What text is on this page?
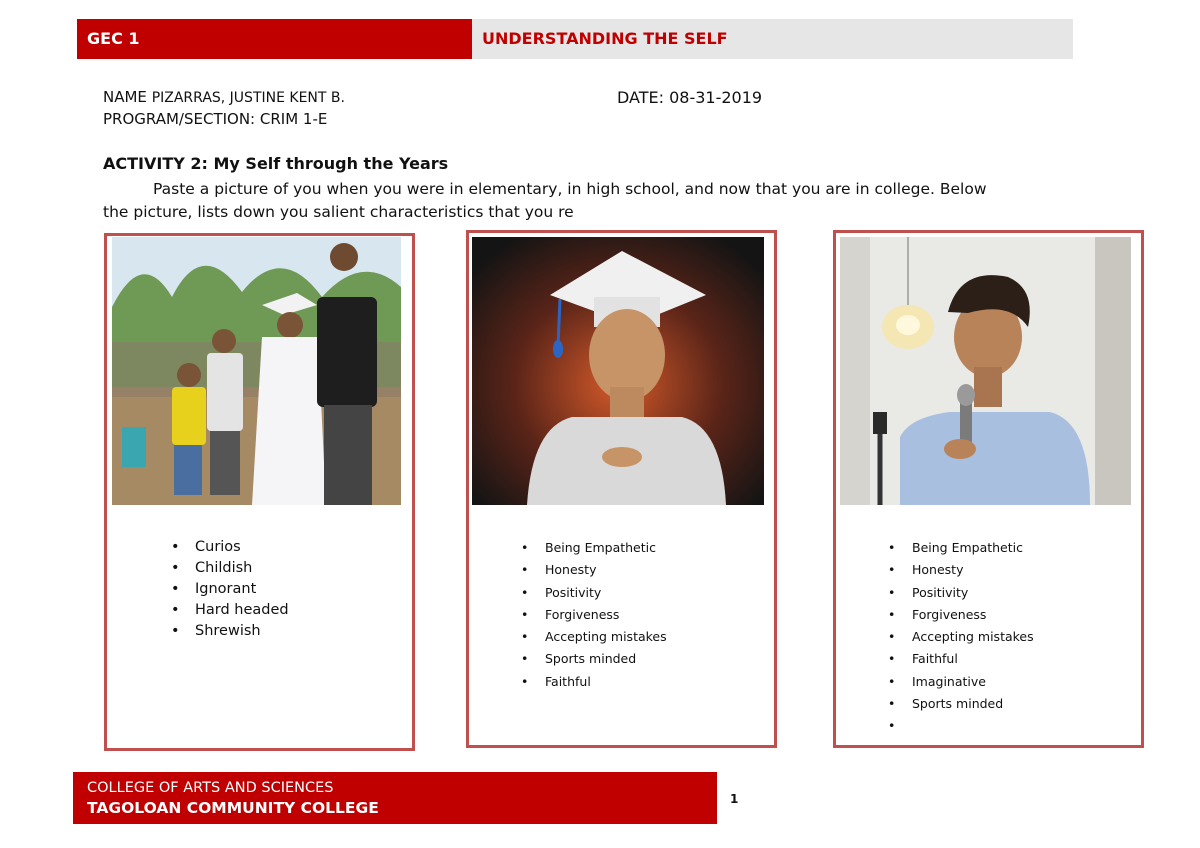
GEC 1	UNDERSTANDING THE SELF
NAME PIZARRAS, JUSTINE KENT B.	DATE: 08-31-2019
PROGRAM/SECTION: CRIM 1-E
ACTIVITY 2: My Self through the Years
Paste a picture of you when you were in elementary, in high school, and now that you are in college. Below
the picture, lists down you salient characteristics that you re
• Curios
• Childish
• Ignorant
• Hard headed
• Shrewish
• Being Empathetic
• Honesty
• Positivity
• Forgiveness
• Accepting mistakes
• Sports minded
• Faithful
• Being Empathetic
• Honesty
• Positivity
• Forgiveness
• Accepting mistakes
• Faithful
• Imaginative
• Sports minded
•
COLLEGE OF ARTS AND SCIENCES
TAGOLOAN COMMUNITY COLLEGE	1
